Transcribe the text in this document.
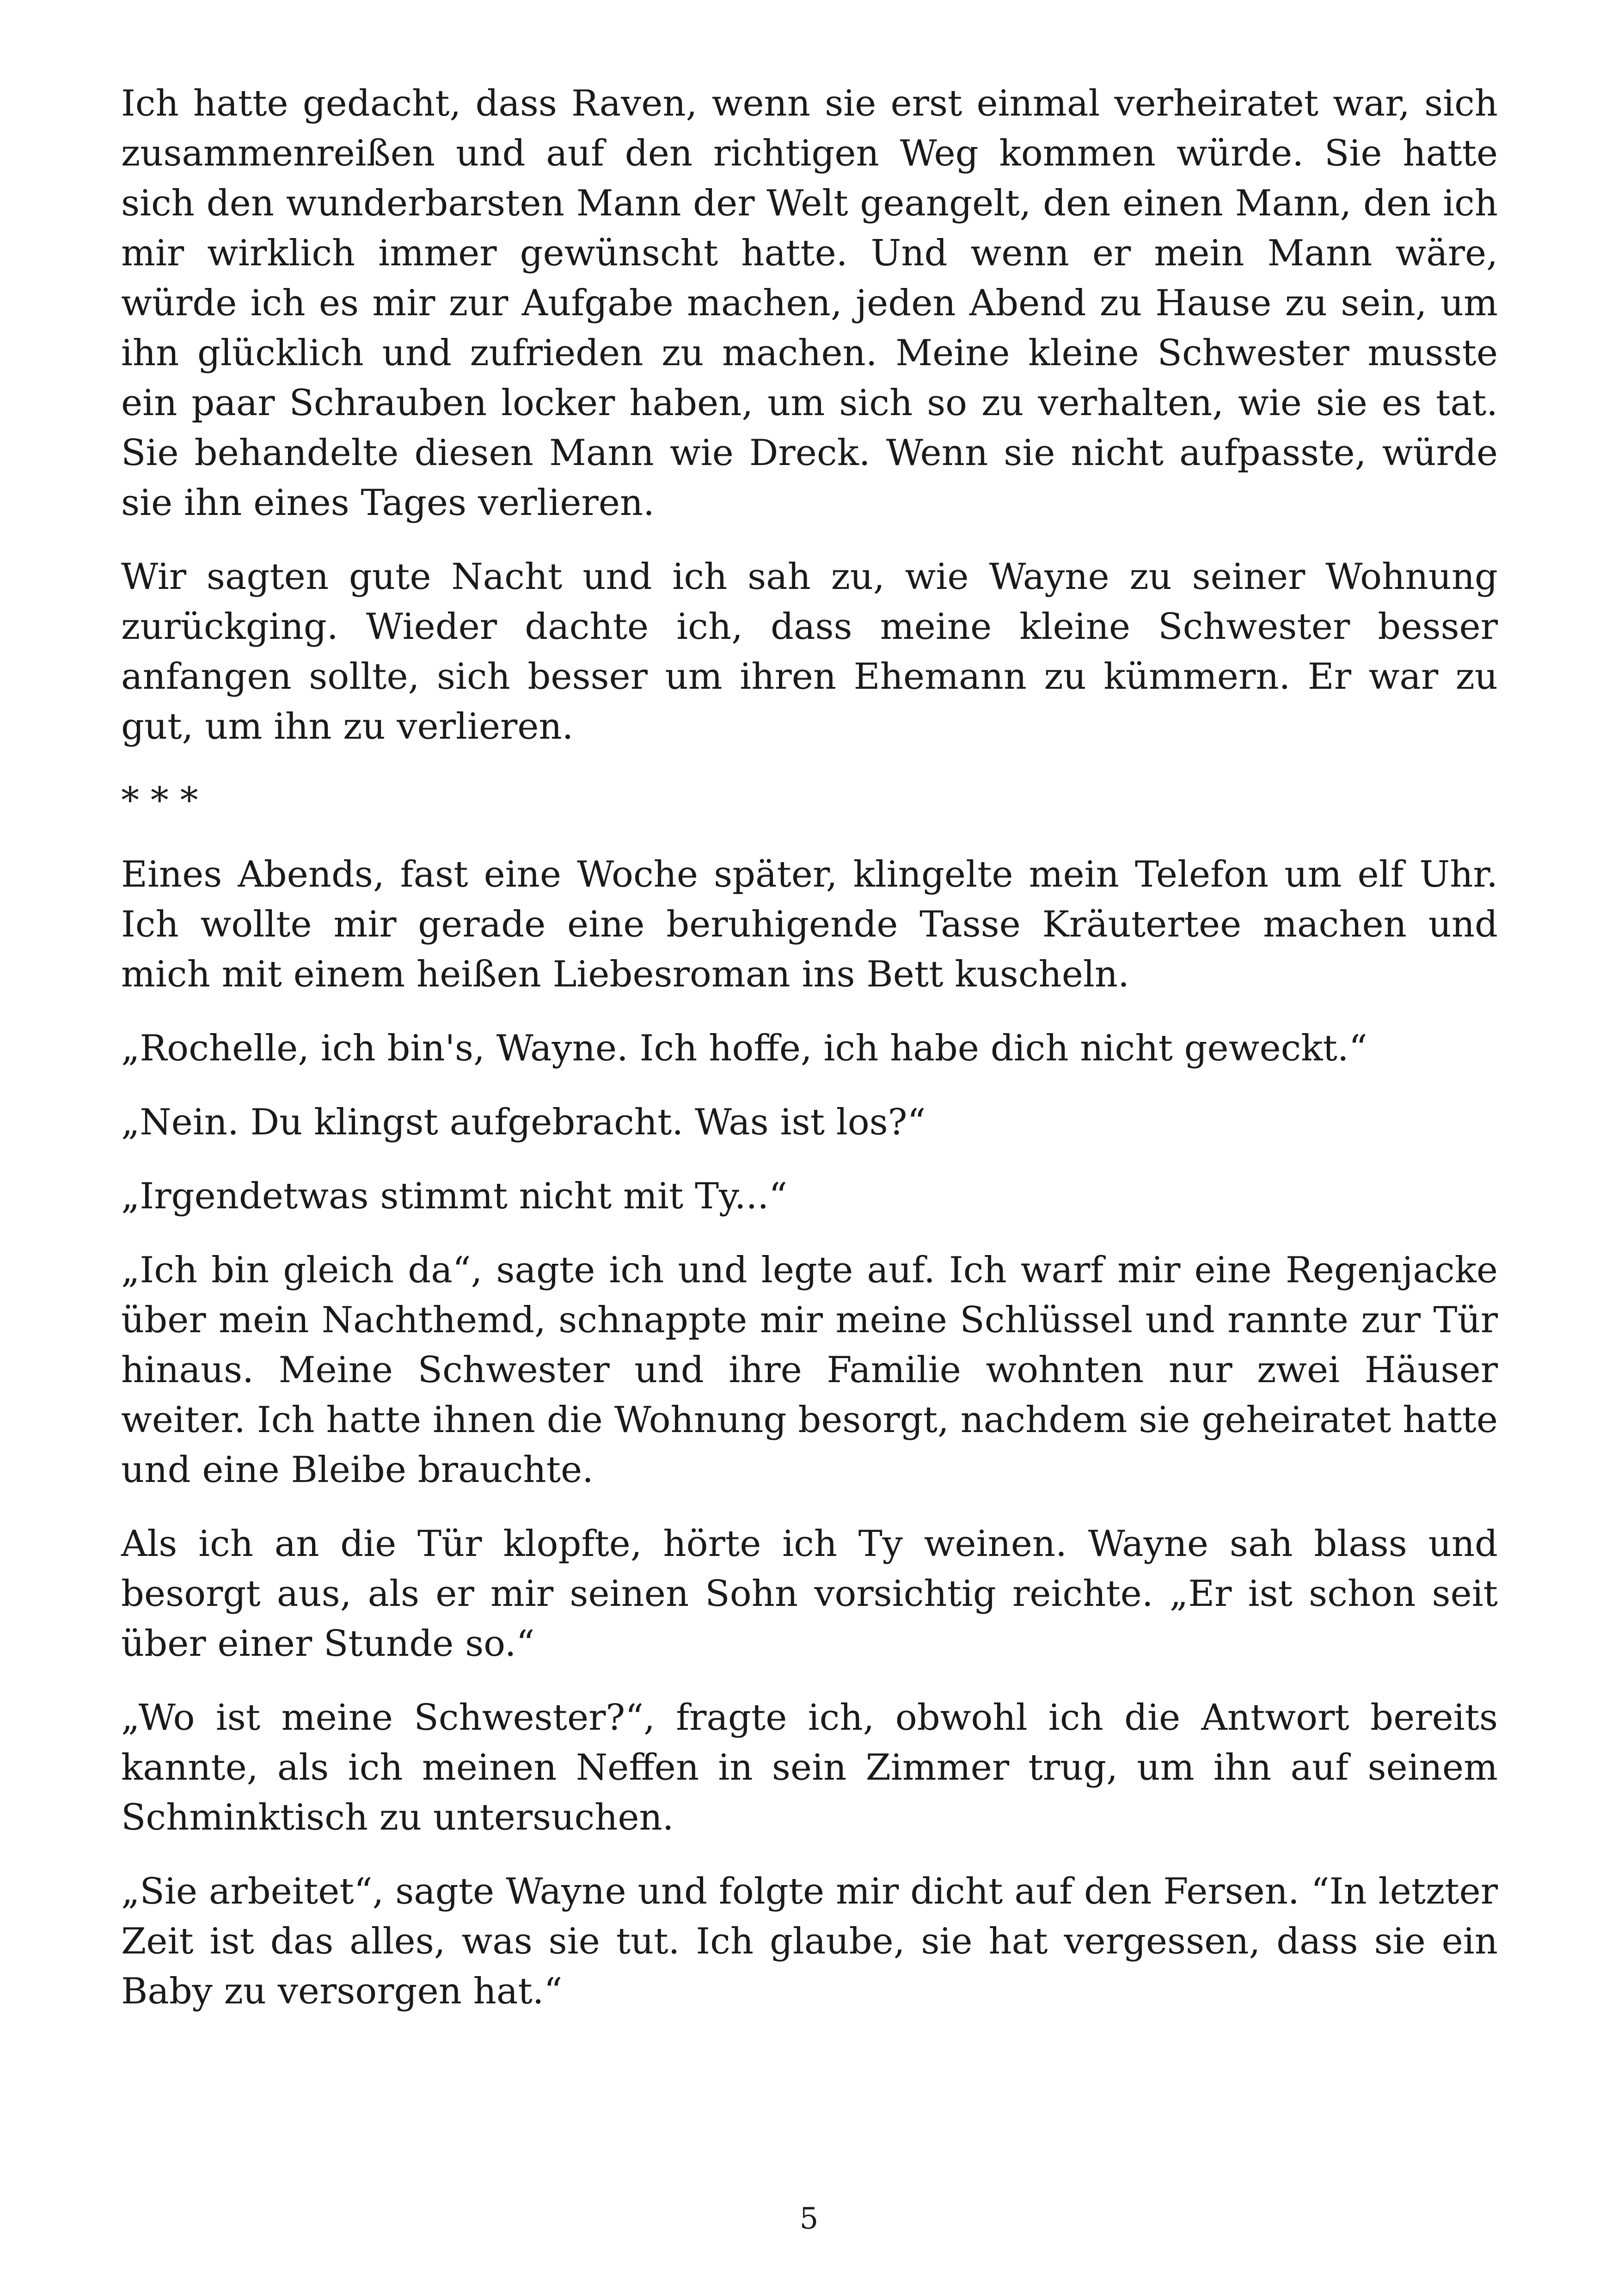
Ich hatte gedacht, dass Raven, wenn sie erst einmal verheiratet war, sich zusammenreißen und auf den richtigen Weg kommen würde. Sie hatte sich den wunderbarsten Mann der Welt geangelt, den einen Mann, den ich mir wirklich immer gewünscht hatte. Und wenn er mein Mann wäre, würde ich es mir zur Aufgabe machen, jeden Abend zu Hause zu sein, um ihn glücklich und zufrieden zu machen. Meine kleine Schwester musste ein paar Schrauben locker haben, um sich so zu verhalten, wie sie es tat. Sie behandelte diesen Mann wie Dreck. Wenn sie nicht aufpasste, würde sie ihn eines Tages verlieren.

Wir sagten gute Nacht und ich sah zu, wie Wayne zu seiner Wohnung zurückging. Wieder dachte ich, dass meine kleine Schwester besser anfangen sollte, sich besser um ihren Ehemann zu kümmern. Er war zu gut, um ihn zu verlieren.

* * *

Eines Abends, fast eine Woche später, klingelte mein Telefon um elf Uhr. Ich wollte mir gerade eine beruhigende Tasse Kräutertee machen und mich mit einem heißen Liebesroman ins Bett kuscheln.

„Rochelle, ich bin's, Wayne. Ich hoffe, ich habe dich nicht geweckt.“

„Nein. Du klingst aufgebracht. Was ist los?“

„Irgendetwas stimmt nicht mit Ty...“

„Ich bin gleich da“, sagte ich und legte auf. Ich warf mir eine Regenjacke über mein Nachthemd, schnappte mir meine Schlüssel und rannte zur Tür hinaus. Meine Schwester und ihre Familie wohnten nur zwei Häuser weiter. Ich hatte ihnen die Wohnung besorgt, nachdem sie geheiratet hatte und eine Bleibe brauchte.

Als ich an die Tür klopfte, hörte ich Ty weinen. Wayne sah blass und besorgt aus, als er mir seinen Sohn vorsichtig reichte. „Er ist schon seit über einer Stunde so.“

„Wo ist meine Schwester?“, fragte ich, obwohl ich die Antwort bereits kannte, als ich meinen Neffen in sein Zimmer trug, um ihn auf seinem Schminktisch zu untersuchen.

„Sie arbeitet“, sagte Wayne und folgte mir dicht auf den Fersen. “In letzter Zeit ist das alles, was sie tut. Ich glaube, sie hat vergessen, dass sie ein Baby zu versorgen hat.“

5
